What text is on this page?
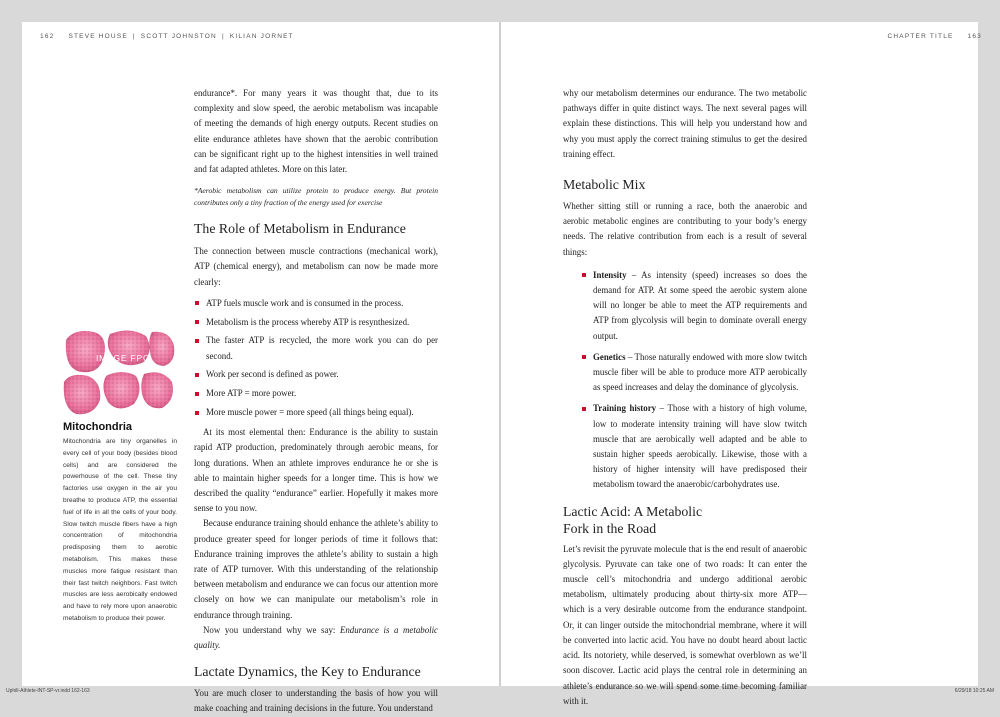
162 STEVE HOUSE | SCOTT JOHNSTON | KILIAN JORNET	CHAPTER TITLE 163

endurance*. For many years it was thought that, due to its complexity and slow speed, the aerobic metabolism was incapable of meeting the demands of high energy outputs. Recent studies on elite endurance athletes have shown that the aerobic contribution can be significant right up to the highest intensities in well trained and fat adapted athletes. More on this later.

*Aerobic metabolism can utilize protein to produce energy. But protein contributes only a tiny fraction of the energy used for exercise

The Role of Metabolism in Endurance

The connection between muscle contractions (mechanical work), ATP (chemical energy), and metabolism can now be made more clearly:

ATP fuels muscle work and is consumed in the process.
Metabolism is the process whereby ATP is resynthesized.
The faster ATP is recycled, the more work you can do per second.
Work per second is defined as power.
More ATP = more power.
More muscle power = more speed (all things being equal).

At its most elemental then: Endurance is the ability to sustain rapid ATP production, predominately through aerobic means, for long durations. When an athlete improves endurance he or she is able to maintain higher speeds for a longer time. This is how we described the quality “endurance” earlier. Hopefully it makes more sense to you now.

Because endurance training should enhance the athlete’s ability to produce greater speed for longer periods of time it follows that: Endurance training improves the athlete’s ability to sustain a high rate of ATP turnover. With this understanding of the relationship between metabolism and endurance we can focus our attention more closely on how we can manipulate our metabolism’s role in endurance through training.

Now you understand why we say: Endurance is a metabolic quality.

Lactate Dynamics, the Key to Endurance

You are much closer to understanding the basis of how you will make coaching and training decisions in the future. You understand

IMAGE FPO
Mitochondria
Mitochondria are tiny organelles in every cell of your body (besides blood cells) and are considered the powerhouse of the cell. These tiny factories use oxygen in the air you breathe to produce ATP, the essential fuel of life in all the cells of your body. Slow twitch muscle fibers have a high concentration of mitochondria predisposing them to aerobic metabolism. This makes these muscles more fatigue resistant than their fast twitch neighbors. Fast twitch muscles are less aerobically endowed and have to rely more upon anaerobic metabolism to produce their power.

why our metabolism determines our endurance. The two metabolic pathways differ in quite distinct ways. The next several pages will explain these distinctions. This will help you understand how and why you must apply the correct training stimulus to get the desired training effect.

Metabolic Mix

Whether sitting still or running a race, both the anaerobic and aerobic metabolic engines are contributing to your body’s energy needs. The relative contribution from each is a result of several things:

Intensity – As intensity (speed) increases so does the demand for ATP. At some speed the aerobic system alone will no longer be able to meet the ATP requirements and ATP from glycolysis will begin to dominate overall energy output.
Genetics – Those naturally endowed with more slow twitch muscle fiber will be able to produce more ATP aerobically as speed increases and delay the dominance of glycolysis.
Training history – Those with a history of high volume, low to moderate intensity training will have slow twitch muscle that are aerobically well adapted and be able to sustain higher speeds aerobically. Likewise, those with a history of higher intensity will have predisposed their metabolism toward the anaerobic/carbohydrates use.
Lactic Acid: A Metabolic
Fork in the Road

Let’s revisit the pyruvate molecule that is the end result of anaerobic glycolysis. Pyruvate can take one of two roads: It can enter the muscle cell’s mitochondria and undergo additional aerobic metabolism, ultimately producing about thirty-six more ATP—which is a very desirable outcome from the endurance standpoint. Or, it can linger outside the mitochondrial membrane, where it will be converted into lactic acid. You have no doubt heard about lactic acid. Its notoriety, while deserved, is somewhat overblown as we’ll soon discover. Lactic acid plays the central role in determining an athlete’s endurance so we will spend some time becoming familiar with it.

Uphill-Athlete-INT-SP-vr.indd 162-163	6/29/18 10:25 AM
